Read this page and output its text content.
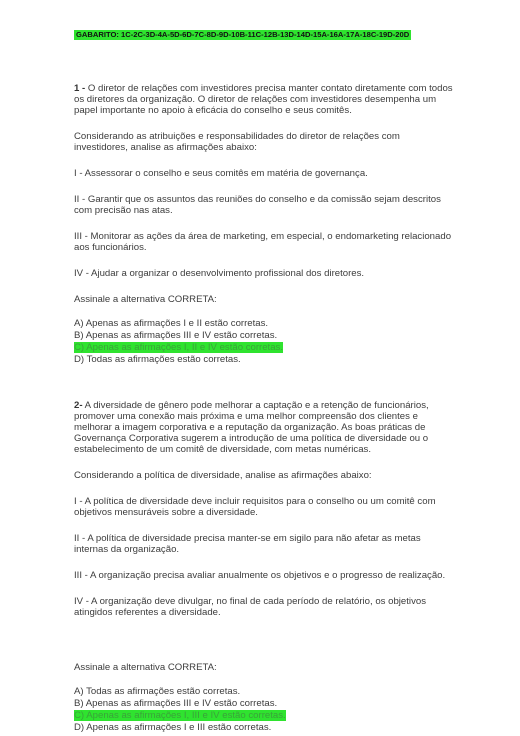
GABARITO: 1C-2C-3D-4A-5D-6D-7C-8D-9D-10B-11C-12B-13D-14D-15A-16A-17A-18C-19D-20D

1 - O diretor de relações com investidores precisa manter contato diretamente com todos os diretores da organização. O diretor de relações com investidores desempenha um papel importante no apoio à eficácia do conselho e seus comitês.

Considerando as atribuições e responsabilidades do diretor de relações com investidores, analise as afirmações abaixo:

I - Assessorar o conselho e seus comitês em matéria de governança.

II - Garantir que os assuntos das reuniões do conselho e da comissão sejam descritos com precisão nas atas.

III - Monitorar as ações da área de marketing, em especial, o endomarketing relacionado aos funcionários.

IV - Ajudar a organizar o desenvolvimento profissional dos diretores.

Assinale a alternativa CORRETA:

A) Apenas as afirmações I e II estão corretas.
B) Apenas as afirmações III e IV estão corretas.
C) Apenas as afirmações I, II e IV estão corretas.
D) Todas as afirmações estão corretas.

2- A diversidade de gênero pode melhorar a captação e a retenção de funcionários, promover uma conexão mais próxima e uma melhor compreensão dos clientes e melhorar a imagem corporativa e a reputação da organização. As boas práticas de Governança Corporativa sugerem a introdução de uma política de diversidade ou o estabelecimento de um comitê de diversidade, com metas numéricas.

Considerando a política de diversidade, analise as afirmações abaixo:

I - A política de diversidade deve incluir requisitos para o conselho ou um comitê com objetivos mensuráveis sobre a diversidade.

II - A política de diversidade precisa manter-se em sigilo para não afetar as metas internas da organização.

III - A organização precisa avaliar anualmente os objetivos e o progresso de realização.

IV - A organização deve divulgar, no final de cada período de relatório, os objetivos atingidos referentes a diversidade.

Assinale a alternativa CORRETA:

A) Todas as afirmações estão corretas.
B) Apenas as afirmações III e IV estão corretas.
C) Apenas as afirmações I, III e IV estão corretas.
D) Apenas as afirmações I e III estão corretas.
